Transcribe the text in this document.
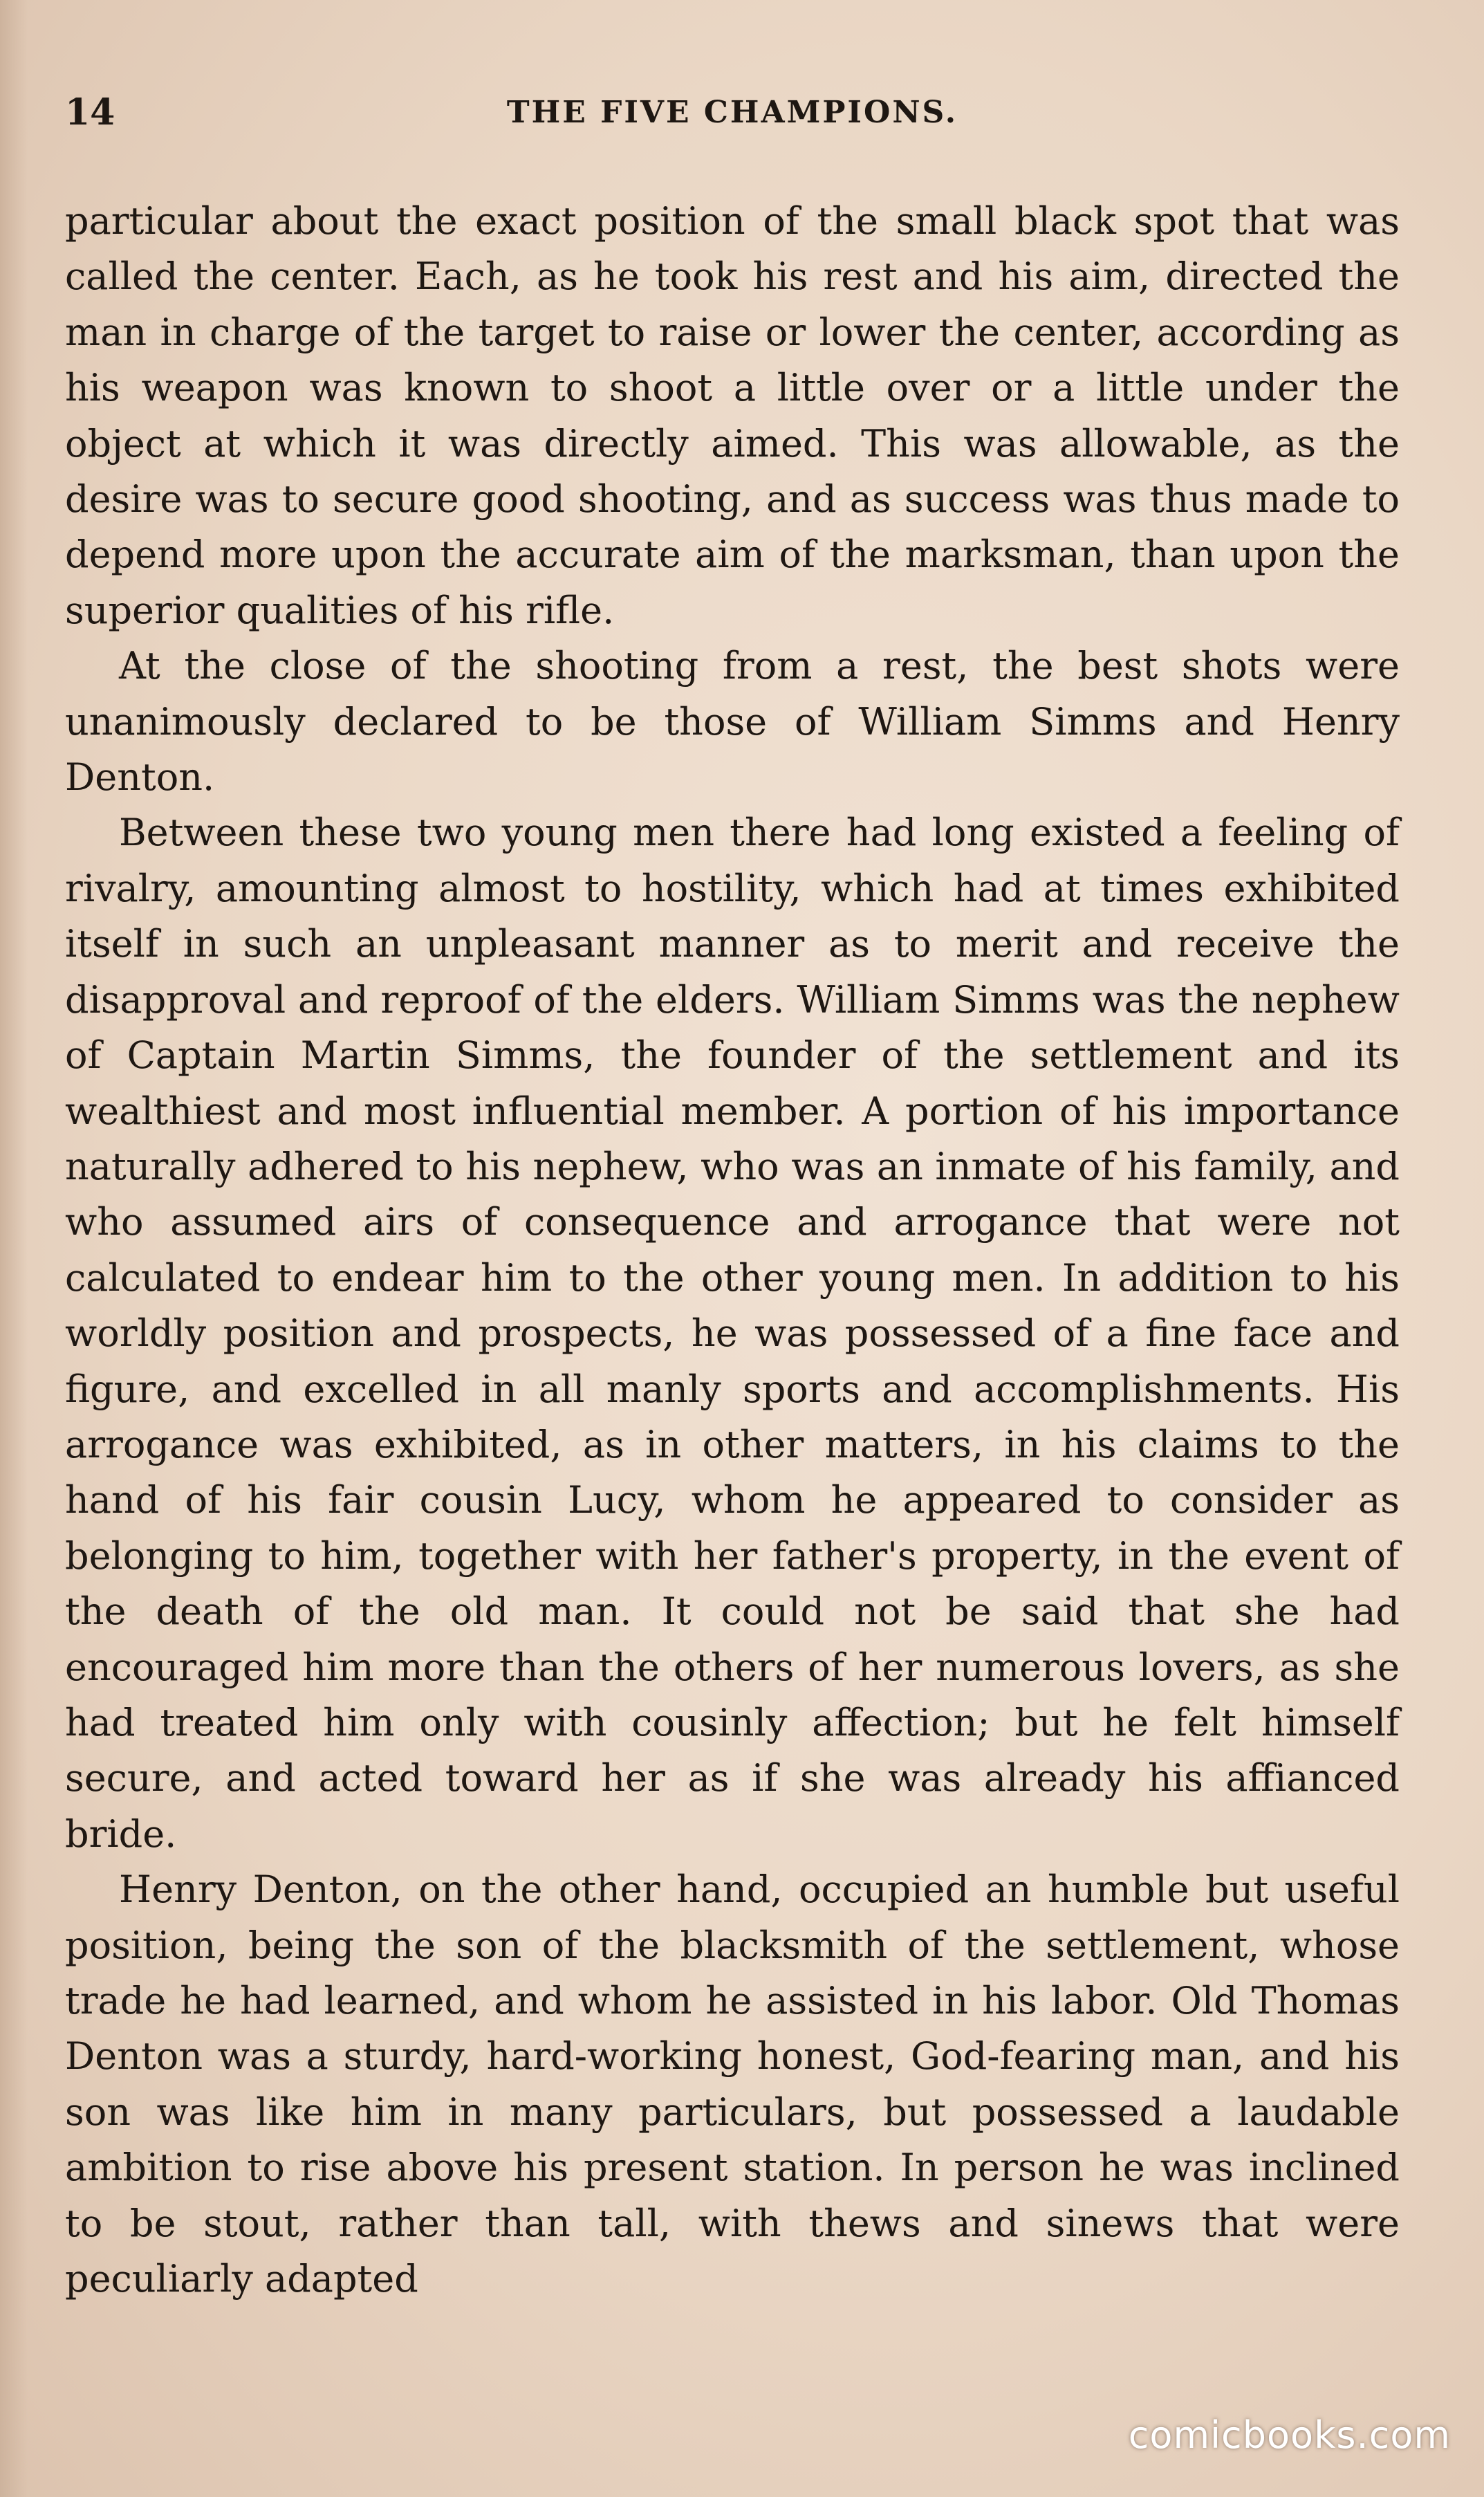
14	THE FIVE CHAMPIONS.

particular about the exact position of the small black spot that was called the center. Each, as he took his rest and his aim, directed the man in charge of the target to raise or lower the center, according as his weapon was known to shoot a little over or a little under the object at which it was directly aimed. This was allowable, as the desire was to secure good shooting, and as success was thus made to depend more upon the accurate aim of the marksman, than upon the superior qualities of his rifle.

At the close of the shooting from a rest, the best shots were unanimously declared to be those of William Simms and Henry Denton.

Between these two young men there had long existed a feeling of rivalry, amounting almost to hostility, which had at times exhibited itself in such an unpleasant manner as to merit and receive the disapproval and reproof of the elders. William Simms was the nephew of Captain Martin Simms, the founder of the settlement and its wealthiest and most influential member. A portion of his importance naturally adhered to his nephew, who was an inmate of his family, and who assumed airs of consequence and arrogance that were not calculated to endear him to the other young men. In addition to his worldly position and prospects, he was possessed of a fine face and figure, and excelled in all manly sports and accomplishments. His arrogance was exhibited, as in other matters, in his claims to the hand of his fair cousin Lucy, whom he appeared to consider as belonging to him, together with her father's property, in the event of the death of the old man. It could not be said that she had encouraged him more than the others of her numerous lovers, as she had treated him only with cousinly affection; but he felt himself secure, and acted toward her as if she was already his affianced bride.

Henry Denton, on the other hand, occupied an humble but useful position, being the son of the blacksmith of the settlement, whose trade he had learned, and whom he assisted in his labor. Old Thomas Denton was a sturdy, hard-working honest, God-fearing man, and his son was like him in many particulars, but possessed a laudable ambition to rise above his present station. In person he was inclined to be stout, rather than tall, with thews and sinews that were peculiarly adapted

comicbooks.com
